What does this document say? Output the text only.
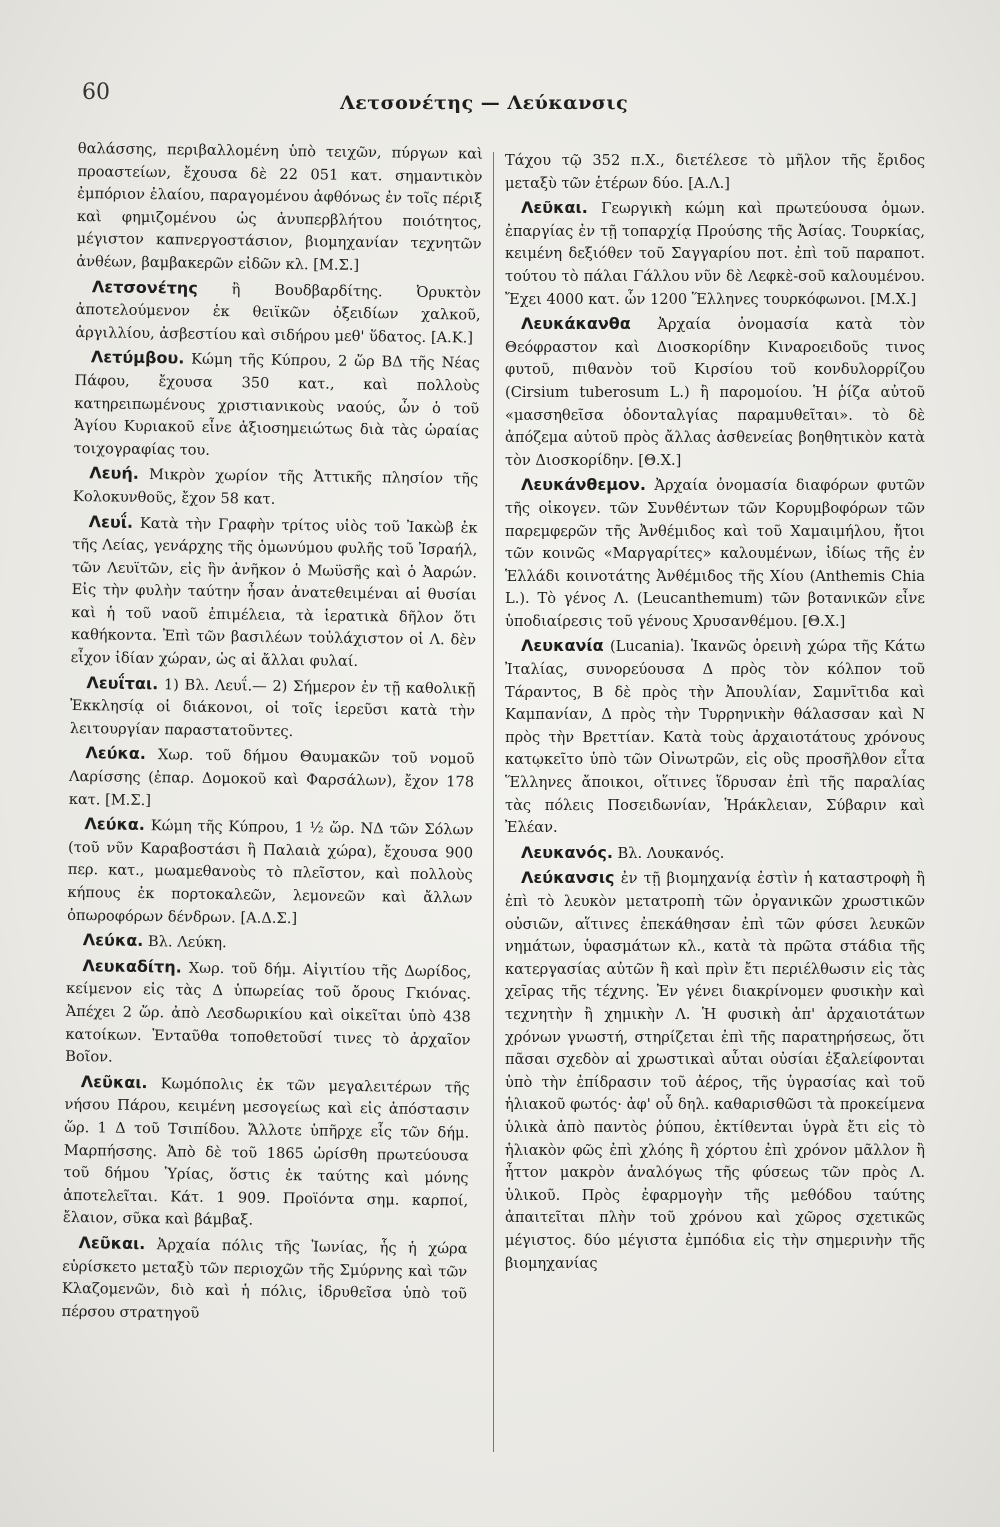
60	Λετσονέτης — Λεύκανσις

θαλάσσης, περιβαλλομένη ὑπὸ τειχῶν, πύργων καὶ προαστείων, ἔχουσα δὲ 22 051 κατ. σημαντικὸν ἐμπόριον ἐλαίου, παραγομένου ἀφθόνως ἐν τοῖς πέριξ καὶ φημιζομένου ὡς ἀνυπερβλήτου ποιότητος, μέγιστον καπνεργοστάσιον, βιομηχανίαν τεχνητῶν ἀνθέων, βαμβακερῶν εἰδῶν κλ. [Μ.Σ.]

Λετσονέτης ἢ Βουδβαρδίτης. Ὀρυκτὸν ἀποτελούμενον ἐκ θειϊκῶν ὀξειδίων χαλκοῦ, ἀργιλλίου, ἀσβεστίου καὶ σιδήρου μεθ' ὕδατος. [Α.Κ.]

Λετύμβου. Κώμη τῆς Κύπρου, 2 ὥρ ΒΔ τῆς Νέας Πάφου, ἔχουσα 350 κατ., καὶ πολλοὺς κατηρειπωμένους χριστιανικοὺς ναούς, ὧν ὁ τοῦ Ἁγίου Κυριακοῦ εἶνε ἀξιοσημειώτως διὰ τὰς ὡραίας τοιχογραφίας του.

Λευή. Μικρὸν χωρίον τῆς Ἀττικῆς πλησίον τῆς Κολοκυνθοῦς, ἔχον 58 κατ.

Λευΐ. Κατὰ τὴν Γραφὴν τρίτος υἱὸς τοῦ Ἰακὼβ ἐκ τῆς Λείας, γενάρχης τῆς ὁμωνύμου φυλῆς τοῦ Ἰσραήλ, τῶν Λευϊτῶν, εἰς ἣν ἀνῆκον ὁ Μωϋσῆς καὶ ὁ Ἀαρών. Εἰς τὴν φυλὴν ταύτην ἦσαν ἀνατεθειμέναι αἱ θυσίαι καὶ ἡ τοῦ ναοῦ ἐπιμέλεια, τὰ ἱερατικὰ δῆλον ὅτι καθήκοντα. Ἐπὶ τῶν βασιλέων τοὐλάχιστον οἱ Λ. δὲν εἶχον ἰδίαν χώραν, ὡς αἱ ἄλλαι φυλαί.

Λευΐται. 1) Βλ. Λευΐ.— 2) Σήμερον ἐν τῇ καθολικῇ Ἐκκλησίᾳ οἱ διάκονοι, οἱ τοῖς ἱερεῦσι κατὰ τὴν λειτουργίαν παραστατοῦντες.

Λεύκα. Χωρ. τοῦ δήμου Θαυμακῶν τοῦ νομοῦ Λαρίσσης (ἐπαρ. Δομοκοῦ καὶ Φαρσάλων), ἔχον 178 κατ. [Μ.Σ.]

Λεύκα. Κώμη τῆς Κύπρου, 1 ½ ὥρ. ΝΔ τῶν Σόλων (τοῦ νῦν Καραβοστάσι ἢ Παλαιὰ χώρα), ἔχουσα 900 περ. κατ., μωαμεθανοὺς τὸ πλεῖστον, καὶ πολλοὺς κήπους ἐκ πορτοκαλεῶν, λεμονεῶν καὶ ἄλλων ὀπωροφόρων δένδρων. [Α.Δ.Σ.]

Λεύκα. Βλ. Λεύκη.

Λευκαδίτη. Χωρ. τοῦ δήμ. Αἰγιτίου τῆς Δωρίδος, κείμενον εἰς τὰς Δ ὑπωρείας τοῦ ὄρους Γκιόνας. Ἀπέχει 2 ὥρ. ἀπὸ Λεσδωρικίου καὶ οἰκεῖται ὑπὸ 438 κατοίκων. Ἐνταῦθα τοποθετοῦσί τινες τὸ ἀρχαῖον Βοῖον.

Λεῦκαι. Κωμόπολις ἐκ τῶν μεγαλειτέρων τῆς νήσου Πάρου, κειμένη μεσογείως καὶ εἰς ἀπόστασιν ὥρ. 1 Δ τοῦ Τσιπίδου. Ἄλλοτε ὑπῆρχε εἷς τῶν δήμ. Μαρπήσσης. Ἀπὸ δὲ τοῦ 1865 ὡρίσθη πρωτεύουσα τοῦ δήμου Ὑρίας, ὅστις ἐκ ταύτης καὶ μόνης ἀποτελεῖται. Κάτ. 1 909. Προϊόντα σημ. καρποί, ἔλαιον, σῦκα καὶ βάμβαξ.

Λεῦκαι. Ἀρχαία πόλις τῆς Ἰωνίας, ἧς ἡ χώρα εὑρίσκετο μεταξὺ τῶν περιοχῶν τῆς Σμύρνης καὶ τῶν Κλαζομενῶν, διὸ καὶ ἡ πόλις, ἱδρυθεῖσα ὑπὸ τοῦ πέρσου στρατηγοῦ

Τάχου τῷ 352 π.Χ., διετέλεσε τὸ μῆλον τῆς ἔριδος μεταξὺ τῶν ἑτέρων δύο. [Α.Λ.]

Λεῦκαι. Γεωργικὴ κώμη καὶ πρωτεύουσα ὁμων. ἐπαργίας ἐν τῇ τοπαρχίᾳ Προύσης τῆς Ἀσίας. Τουρκίας, κειμένη δεξιόθεν τοῦ Σαγγαρίου ποτ. ἐπὶ τοῦ παραποτ. τούτου τὸ πάλαι Γάλλου νῦν δὲ Λεφκὲ-σοῦ καλουμένου. Ἔχει 4000 κατ. ὧν 1200 Ἕλληνες τουρκόφωνοι. [Μ.Χ.]

Λευκάκανθα Ἀρχαία ὀνομασία κατὰ τὸν Θεόφραστον καὶ Διοσκορίδην Κιναροειδοῦς τινος φυτοῦ, πιθανὸν τοῦ Κιρσίου τοῦ κονδυλορρίζου (Cirsium tuberosum L.) ἢ παρομοίου. Ἡ ῥίζα αὐτοῦ «μασσηθεῖσα ὀδονταλγίας παραμυθεῖται». τὸ δὲ ἀπόζεμα αὐτοῦ πρὸς ἄλλας ἀσθενείας βοηθητικὸν κατὰ τὸν Διοσκορίδην. [Θ.Χ.]

Λευκάνθεμον. Ἀρχαία ὀνομασία διαφόρων φυτῶν τῆς οἰκογεν. τῶν Συνθέντων τῶν Κορυμβοφόρων τῶν παρεμφερῶν τῆς Ἀνθέμιδος καὶ τοῦ Χαμαιμήλου, ἤτοι τῶν κοινῶς «Μαργαρίτες» καλουμένων, ἰδίως τῆς ἐν Ἑλλάδι κοινοτάτης Ἀνθέμιδος τῆς Χίου (Anthemis Chia L.). Τὸ γένος Λ. (Leucanthemum) τῶν βοτανικῶν εἶνε ὑποδιαίρεσις τοῦ γένους Χρυσανθέμου. [Θ.Χ.]

Λευκανία (Lucania). Ἱκανῶς ὀρεινὴ χώρα τῆς Κάτω Ἰταλίας, συνορεύουσα Δ πρὸς τὸν κόλπον τοῦ Τάραντος, Β δὲ πρὸς τὴν Ἀπουλίαν, Σαμνῖτιδα καὶ Καμπανίαν, Δ πρὸς τὴν Τυρρηνικὴν θάλασσαν καὶ Ν πρὸς τὴν Βρεττίαν. Κατὰ τοὺς ἀρχαιοτάτους χρόνους κατῳκεῖτο ὑπὸ τῶν Οἰνωτρῶν, εἰς οὓς προσῆλθον εἶτα Ἕλληνες ἄποικοι, οἵτινες ἵδρυσαν ἐπὶ τῆς παραλίας τὰς πόλεις Ποσειδωνίαν, Ἡράκλειαν, Σύβαριν καὶ Ἐλέαν.

Λευκανός. Βλ. Λουκανός.

Λεύκανσις ἐν τῇ βιομηχανίᾳ ἐστὶν ἡ καταστροφὴ ἢ ἐπὶ τὸ λευκὸν μετατροπὴ τῶν ὀργανικῶν χρωστικῶν οὐσιῶν, αἵτινες ἐπεκάθησαν ἐπὶ τῶν φύσει λευκῶν νημάτων, ὑφασμάτων κλ., κατὰ τὰ πρῶτα στάδια τῆς κατεργασίας αὐτῶν ἢ καὶ πρὶν ἔτι περιέλθωσιν εἰς τὰς χεῖρας τῆς τέχνης. Ἐν γένει διακρίνομεν φυσικὴν καὶ τεχνητὴν ἢ χημικὴν Λ. Ἡ φυσικὴ ἀπ' ἀρχαιοτάτων χρόνων γνωστή, στηρίζεται ἐπὶ τῆς παρατηρήσεως, ὅτι πᾶσαι σχεδὸν αἱ χρωστικαὶ αὗται οὐσίαι ἐξαλείφονται ὑπὸ τὴν ἐπίδρασιν τοῦ ἀέρος, τῆς ὑγρασίας καὶ τοῦ ἡλιακοῦ φωτός· ἀφ' οὗ δηλ. καθαρισθῶσι τὰ προκείμενα ὑλικὰ ἀπὸ παντὸς ῥύπου, ἐκτίθενται ὑγρὰ ἔτι εἰς τὸ ἡλιακὸν φῶς ἐπὶ χλόης ἢ χόρτου ἐπὶ χρόνον μᾶλλον ἢ ἧττον μακρὸν ἀναλόγως τῆς φύσεως τῶν πρὸς Λ. ὑλικοῦ. Πρὸς ἐφαρμογὴν τῆς μεθόδου ταύτης ἀπαιτεῖται πλὴν τοῦ χρόνου καὶ χῶρος σχετικῶς μέγιστος. δύο μέγιστα ἐμπόδια εἰς τὴν σημερινὴν τῆς βιομηχανίας
